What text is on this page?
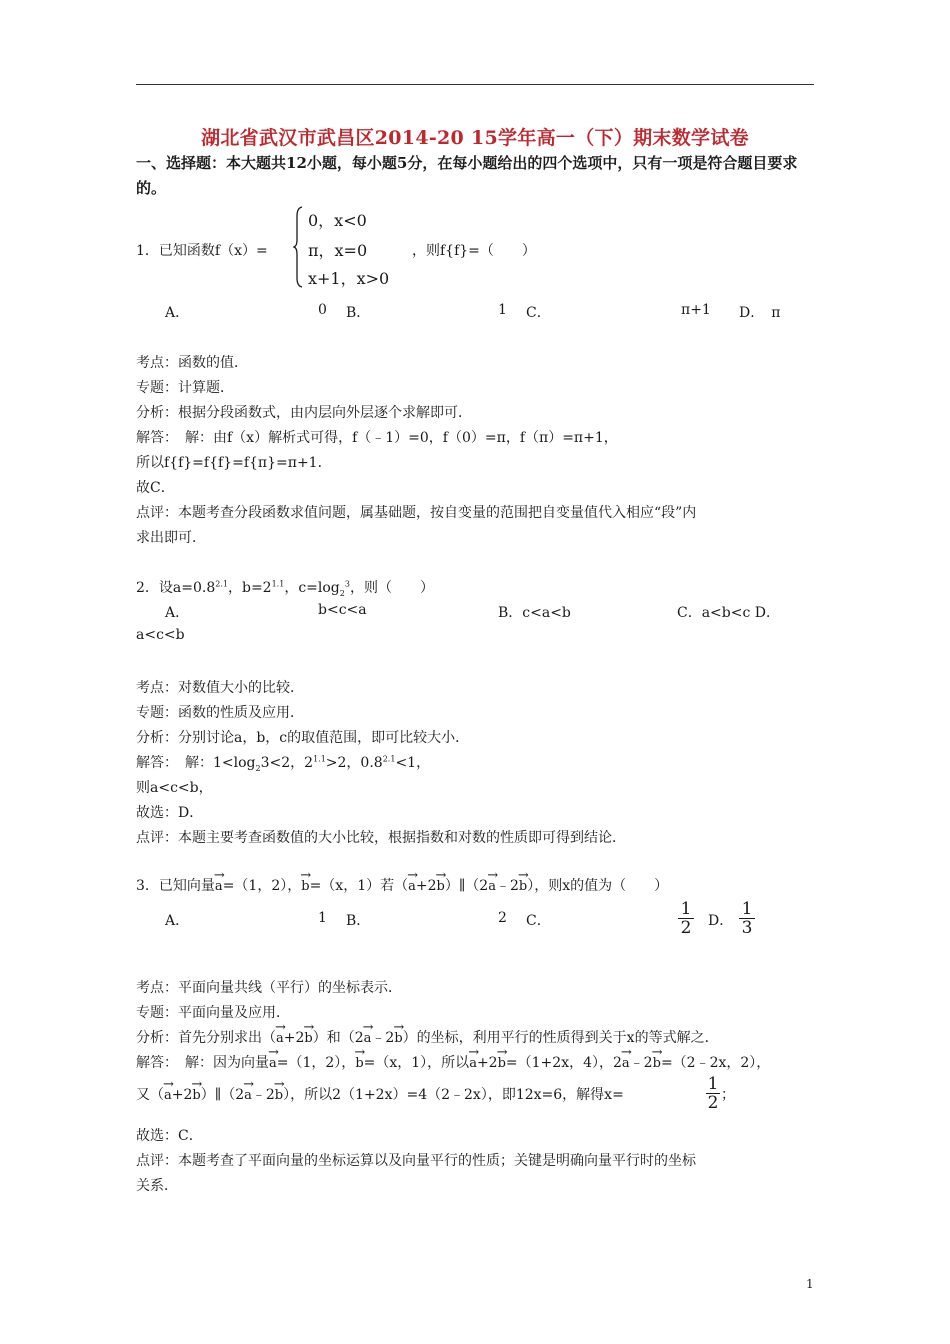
湖北省武汉市武昌区2014-20 15学年高一（下）期末数学试卷
一、选择题：本大题共12小题，每小题5分，在每小题给出的四个选项中，只有一项是符合题目要求的。
1．已知函数f（x）=
0，x<0
π，x=0
x+1，x>0
，则f{f}=（　　）
A．	0 B．	1 C．	π+1 D．　π
考点：函数的值．
专题：计算题．
分析：根据分段函数式，由内层向外层逐个求解即可．
解答：　解：由f（x）解析式可得，f（﹣1）=0，f（0）=π，f（π）=π+1，
所以f{f}=f{f}=f{π}=π+1．
故C．
点评：本题考查分段函数求值问题，属基础题，按自变量的范围把自变量值代入相应“段”内
求出即可．
2．设$a=0.8^{2.1}$，$b=2^{1.1}$，$c=\log_2^3$，则（　　）
A．	b<c<a	B．c<a<b	C．a<b<c D．
a<c<b
考点：对数值大小的比较．
专题：函数的性质及应用．
分析：分别讨论a，b，c的取值范围，即可比较大小．
解答：　解：$1<\log_23<2$，$2^{1.1}>2$，$0.8^{2.1}<1$，
则a<c<b，
故选：D．
点评：本题主要考查函数值的大小比较，根据指数和对数的性质即可得到结论．
3．已知向量→ a=（1，2），→ b=（x，1）若（→ a+2→ b）∥（2→ a﹣2→ b），则x的值为（　　）
A．	1 B．	2 C．
1
2 D．
1
3
考点：平面向量共线（平行）的坐标表示．
专题：平面向量及应用．
分析：首先分别求出（→ a+2→ b）和（2→ a﹣2→ b）的坐标，利用平行的性质得到关于x的等式解之．
解答：　解：因为向量→ a=（1，2），→ b=（x，1），所以→ a+2→ b=（1+2x，4），2→ a﹣2→ b=（2﹣2x，2），
又（→ a+2→ b）∥（2→ a﹣2→ b），所以2（1+2x）=4（2﹣2x），即12x=6，解得x=
1
2 ；
故选：C．
点评：本题考查了平面向量的坐标运算以及向量平行的性质；关键是明确向量平行时的坐标
关系．
1
